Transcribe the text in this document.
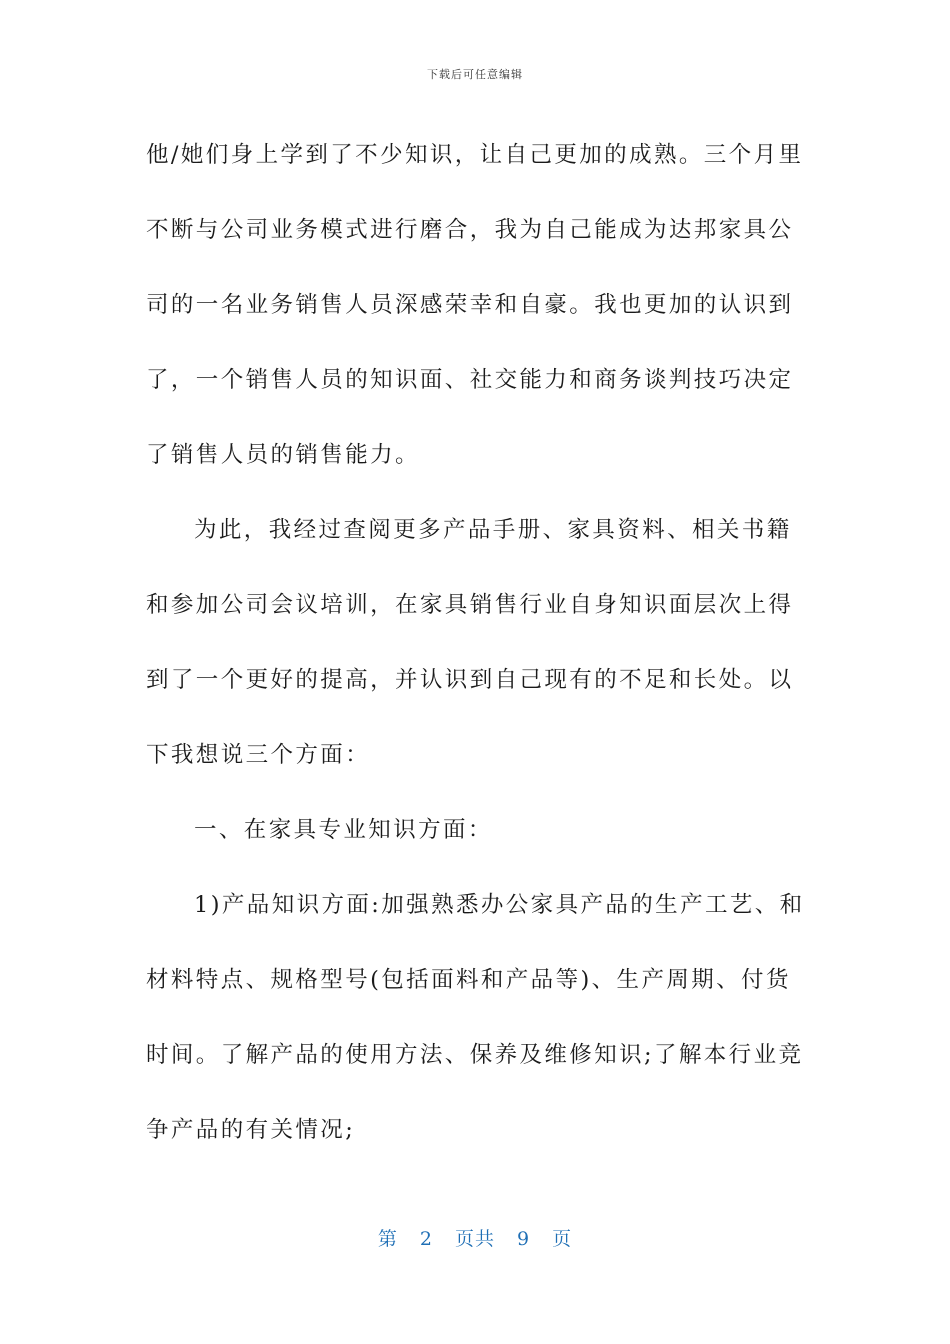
下载后可任意编辑

他/她们身上学到了不少知识，让自己更加的成熟。三个月里不断与公司业务模式进行磨合，我为自己能成为达邦家具公司的一名业务销售人员深感荣幸和自豪。我也更加的认识到了，一个销售人员的知识面、社交能力和商务谈判技巧决定了销售人员的销售能力。

为此，我经过查阅更多产品手册、家具资料、相关书籍和参加公司会议培训，在家具销售行业自身知识面层次上得到了一个更好的提高，并认识到自己现有的不足和长处。以下我想说三个方面：

一、在家具专业知识方面：

1)产品知识方面:加强熟悉办公家具产品的生产工艺、和材料特点、规格型号(包括面料和产品等)、生产周期、付货时间。了解产品的使用方法、保养及维修知识;了解本行业竞争产品的有关情况;

第 2 页共 9 页
